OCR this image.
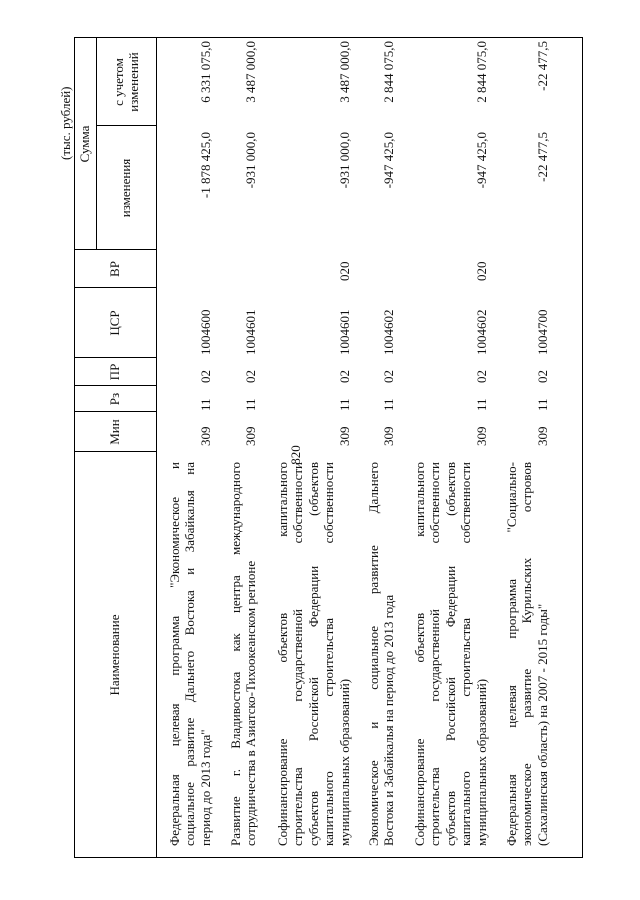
820
(тыс. рублей)
Наименование
Мин
Рз
ПР
ЦСР
ВР
Сумма
изменения
с учетом изменений
Федеральная целевая программа "Экономическое и социальное развитие Дальнего Востока и Забайкалья на период до 2013 года"
309
11
02
1004600
-1 878 425,0
6 331 075,0
Развитие г. Владивостока как центра международного сотрудничества в Азиатско-Тихоокеанском регионе
309
11
02
1004601
-931 000,0
3 487 000,0
Софинансирование объектов капитального строительства государственной собственности субъектов Российской Федерации (объектов капитального строительства собственности муниципальных образований)
309
11
02
1004601
020
-931 000,0
3 487 000,0
Экономическое и социальное развитие Дальнего Востока и Забайкалья на период до 2013 года
309
11
02
1004602
-947 425,0
2 844 075,0
Софинансирование объектов капитального строительства государственной собственности субъектов Российской Федерации (объектов капитального строительства собственности муниципальных образований)
309
11
02
1004602
020
-947 425,0
2 844 075,0
Федеральная целевая программа "Социально- экономическое развитие Курильских островов (Сахалинская область) на 2007 - 2015 годы"
309
11
02
1004700
-22 477,5
-22 477,5
